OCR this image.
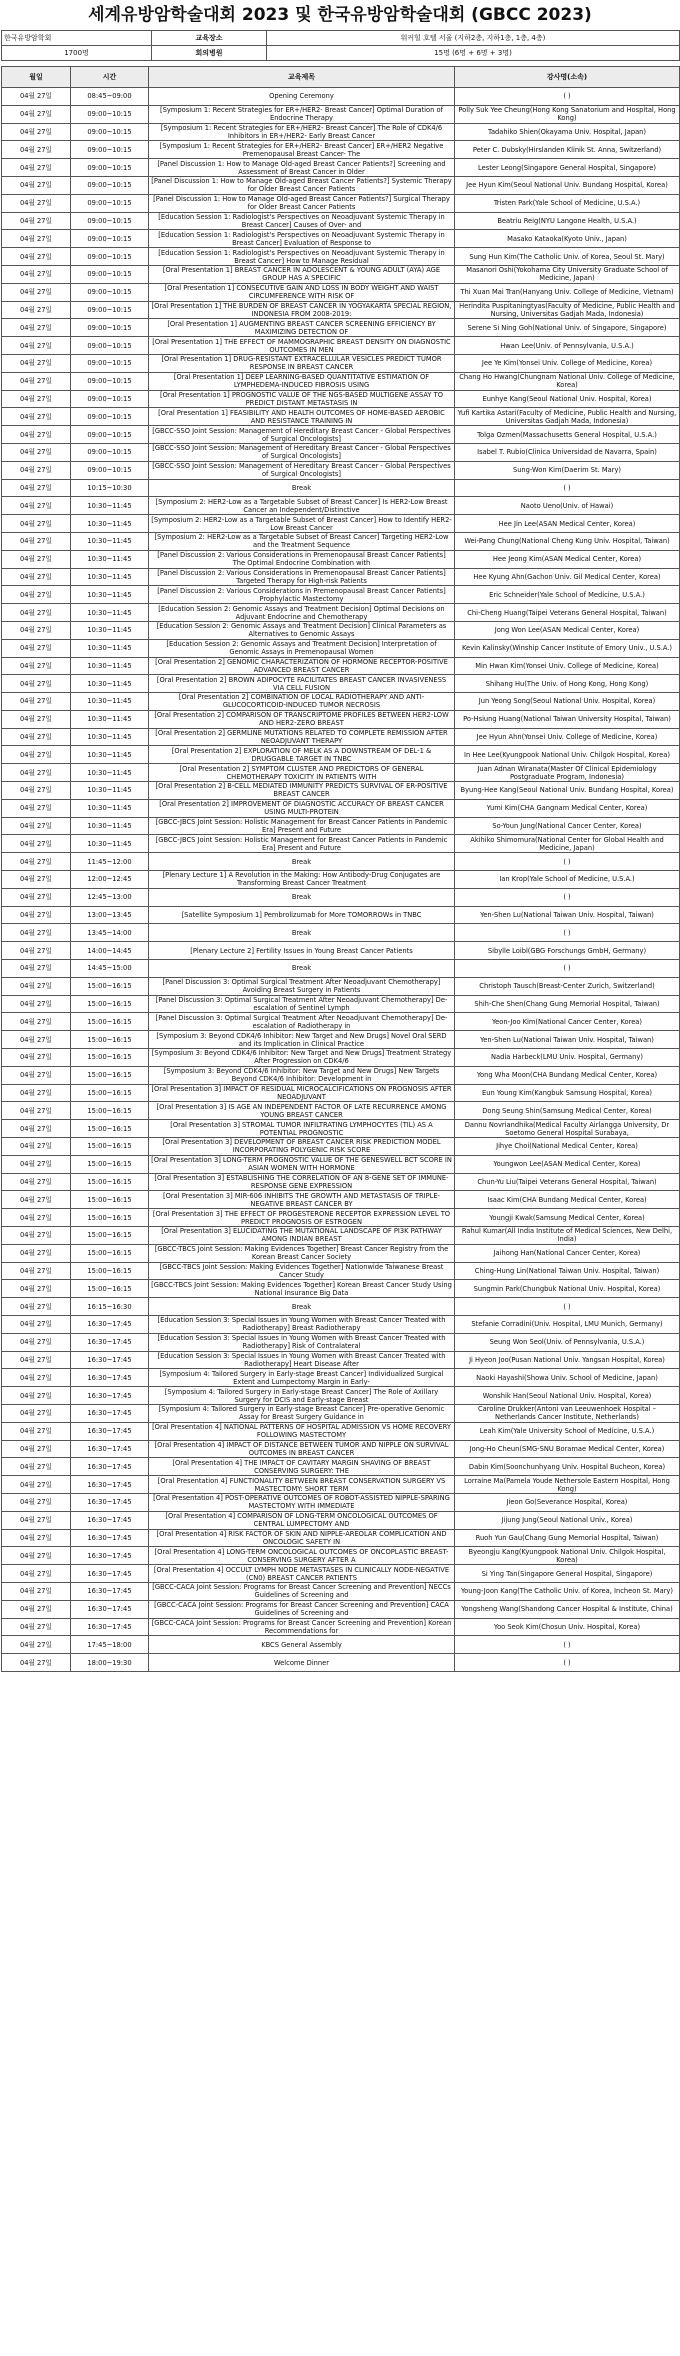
세계유방암학술대회 2023 및 한국유방암학술대회 (GBCC 2023)
한국유방암학회	교육장소	워커힐 호텔 서울 (지하2층, 지하1층, 1층, 4층)
1700명	회의병원	15명 (6명 + 6명 + 3명)
월일	시간	교육제목	강사명(소속)
04월 27일	08:45~09:00	Opening Ceremony	( )
04월 27일	09:00~10:15	[Symposium 1: Recent Strategies for ER+/HER2- Breast Cancer] Optimal Duration of Endocrine Therapy	Polly Suk Yee Cheung(Hong Kong Sanatorium and Hospital, Hong Kong)
04월 27일	09:00~10:15	[Symposium 1: Recent Strategies for ER+/HER2- Breast Cancer] The Role of CDK4/6 Inhibitors in ER+/HER2- Early Breast Cancer	Tadahiko Shien(Okayama Univ. Hospital, Japan)
04월 27일	09:00~10:15	[Symposium 1: Recent Strategies for ER+/HER2- Breast Cancer] ER+/HER2 Negative Premenopausal Breast Cancer- The	Peter C. Dubsky(Hirslanden Klinik St. Anna, Switzerland)
04월 27일	09:00~10:15	[Panel Discussion 1: How to Manage Old-aged Breast Cancer Patients?] Screening and Assessment of Breast Cancer in Older	Lester Leong(Singapore General Hospital, Singapore)
04월 27일	09:00~10:15	[Panel Discussion 1: How to Manage Old-aged Breast Cancer Patients?] Systemic Therapy for Older Breast Cancer Patients	Jee Hyun Kim(Seoul National Univ. Bundang Hospital, Korea)
04월 27일	09:00~10:15	[Panel Discussion 1: How to Manage Old-aged Breast Cancer Patients?] Surgical Therapy for Older Breast Cancer Patients	Tristen Park(Yale School of Medicine, U.S.A.)
04월 27일	09:00~10:15	[Education Session 1: Radiologist's Perspectives on Neoadjuvant Systemic Therapy in Breast Cancer] Causes of Over- and	Beatriu Reig(NYU Langone Health, U.S.A.)
04월 27일	09:00~10:15	[Education Session 1: Radiologist's Perspectives on Neoadjuvant Systemic Therapy in Breast Cancer] Evaluation of Response to	Masako Kataoka(Kyoto Univ., Japan)
04월 27일	09:00~10:15	[Education Session 1: Radiologist's Perspectives on Neoadjuvant Systemic Therapy in Breast Cancer] How to Manage Residual	Sung Hun Kim(The Catholic Univ. of Korea, Seoul St. Mary)
04월 27일	09:00~10:15	[Oral Presentation 1] BREAST CANCER IN ADOLESCENT & YOUNG ADULT (AYA) AGE GROUP HAS A SPECIFIC	Masanori Oshi(Yokohama City University Graduate School of Medicine, Japan)
04월 27일	09:00~10:15	[Oral Presentation 1] CONSECUTIVE GAIN AND LOSS IN BODY WEIGHT AND WAIST CIRCUMFERENCE WITH RISK OF	Thi Xuan Mai Tran(Hanyang Univ. College of Medicine, Vietnam)
04월 27일	09:00~10:15	[Oral Presentation 1] THE BURDEN OF BREAST CANCER IN YOGYAKARTA SPECIAL REGION, INDONESIA FROM 2008-2019:	Herindita Puspitaningtyas(Faculty of Medicine, Public Health and Nursing, Universitas Gadjah Mada, Indonesia)
04월 27일	09:00~10:15	[Oral Presentation 1] AUGMENTING BREAST CANCER SCREENING EFFICIENCY BY MAXIMIZING DETECTION OF	Serene Si Ning Goh(National Univ. of Singapore, Singapore)
04월 27일	09:00~10:15	[Oral Presentation 1] THE EFFECT OF MAMMOGRAPHIC BREAST DENSITY ON DIAGNOSTIC OUTCOMES IN MEN	Hwan Lee(Univ. of Pennsylvania, U.S.A.)
04월 27일	09:00~10:15	[Oral Presentation 1] DRUG-RESISTANT EXTRACELLULAR VESICLES PREDICT TUMOR RESPONSE IN BREAST CANCER	Jee Ye Kim(Yonsei Univ. College of Medicine, Korea)
04월 27일	09:00~10:15	[Oral Presentation 1] DEEP LEARNING-BASED QUANTITATIVE ESTIMATION OF LYMPHEDEMA-INDUCED FIBROSIS USING	Chang Ho Hwang(Chungnam National Univ. College of Medicine, Korea)
04월 27일	09:00~10:15	[Oral Presentation 1] PROGNOSTIC VALUE OF THE NGS-BASED MULTIGENE ASSAY TO PREDICT DISTANT METASTASIS IN	Eunhye Kang(Seoul National Univ. Hospital, Korea)
04월 27일	09:00~10:15	[Oral Presentation 1] FEASIBILITY AND HEALTH OUTCOMES OF HOME-BASED AEROBIC AND RESISTANCE TRAINING IN	Yufi Kartika Astari(Faculty of Medicine, Public Health and Nursing, Universitas Gadjah Mada, Indonesia)
04월 27일	09:00~10:15	[GBCC-SSO Joint Session: Management of Hereditary Breast Cancer - Global Perspectives of Surgical Oncologists]	Tolga Ozmen(Massachusetts General Hospital, U.S.A.)
04월 27일	09:00~10:15	[GBCC-SSO Joint Session: Management of Hereditary Breast Cancer - Global Perspectives of Surgical Oncologists]	Isabel T. Rubio(Clinica Universidad de Navarra, Spain)
04월 27일	09:00~10:15	[GBCC-SSO Joint Session: Management of Hereditary Breast Cancer - Global Perspectives of Surgical Oncologists]	Sung-Won Kim(Daerim St. Mary)
04월 27일	10:15~10:30	Break	( )
04월 27일	10:30~11:45	[Symposium 2: HER2-Low as a Targetable Subset of Breast Cancer] Is HER2-Low Breast Cancer an Independent/Distinctive	Naoto Ueno(Univ. of Hawai)
04월 27일	10:30~11:45	[Symposium 2: HER2-Low as a Targetable Subset of Breast Cancer] How to Identify HER2-Low Breast Cancer	Hee Jin Lee(ASAN Medical Center, Korea)
04월 27일	10:30~11:45	[Symposium 2: HER2-Low as a Targetable Subset of Breast Cancer] Targeting HER2-Low and the Treatment Sequence	Wei-Pang Chung(National Cheng Kung Univ. Hospital, Taiwan)
04월 27일	10:30~11:45	[Panel Discussion 2: Various Considerations in Premenopausal Breast Cancer Patients] The Optimal Endocrine Combination with	Hee Jeong Kim(ASAN Medical Center, Korea)
04월 27일	10:30~11:45	[Panel Discussion 2: Various Considerations in Premenopausal Breast Cancer Patients] Targeted Therapy for High-risk Patients	Hee Kyung Ahn(Gachon Univ. Gil Medical Center, Korea)
04월 27일	10:30~11:45	[Panel Discussion 2: Various Considerations in Premenopausal Breast Cancer Patients] Prophylactic Mastectomy	Eric Schneider(Yale School of Medicine, U.S.A.)
04월 27일	10:30~11:45	[Education Session 2: Genomic Assays and Treatment Decision] Optimal Decisions on Adjuvant Endocrine and Chemotherapy	Chi-Cheng Huang(Taipei Veterans General Hospital, Taiwan)
04월 27일	10:30~11:45	[Education Session 2: Genomic Assays and Treatment Decision] Clinical Parameters as Alternatives to Genomic Assays	Jong Won Lee(ASAN Medical Center, Korea)
04월 27일	10:30~11:45	[Education Session 2: Genomic Assays and Treatment Decision] Interpretation of Genomic Assays in Premenopausal Women	Kevin Kalinsky(Winship Cancer Institute of Emory Univ., U.S.A.)
04월 27일	10:30~11:45	[Oral Presentation 2] GENOMIC CHARACTERIZATION OF HORMONE RECEPTOR-POSITIVE ADVANCED BREAST CANCER	Min Hwan Kim(Yonsei Univ. College of Medicine, Korea)
04월 27일	10:30~11:45	[Oral Presentation 2] BROWN ADIPOCYTE FACILITATES BREAST CANCER INVASIVENESS VIA CELL FUSION	Shihang Hu(The Univ. of Hong Kong, Hong Kong)
04월 27일	10:30~11:45	[Oral Presentation 2] COMBINATION OF LOCAL RADIOTHERAPY AND ANTI-GLUCOCORTICOID-INDUCED TUMOR NECROSIS	Jun Yeong Song(Seoul National Univ. Hospital, Korea)
04월 27일	10:30~11:45	[Oral Presentation 2] COMPARISON OF TRANSCRIPTOME PROFILES BETWEEN HER2-LOW AND HER2-ZERO BREAST	Po-Hsiung Huang(National Taiwan University Hospital, Taiwan)
04월 27일	10:30~11:45	[Oral Presentation 2] GERMLINE MUTATIONS RELATED TO COMPLETE REMISSION AFTER NEOADJUVANT THERAPY	Jee Hyun Ahn(Yonsei Univ. College of Medicine, Korea)
04월 27일	10:30~11:45	[Oral Presentation 2] EXPLORATION OF MELK AS A DOWNSTREAM OF DEL-1 & DRUGGABLE TARGET IN TNBC	In Hee Lee(Kyungpook National Univ. Chilgok Hospital, Korea)
04월 27일	10:30~11:45	[Oral Presentation 2] SYMPTOM CLUSTER AND PREDICTORS OF GENERAL CHEMOTHERAPY TOXICITY IN PATIENTS WITH	Juan Adnan Wiranata(Master Of Clinical Epidemiology Postgraduate Program, Indonesia)
04월 27일	10:30~11:45	[Oral Presentation 2] B-CELL MEDIATED IMMUNITY PREDICTS SURVIVAL OF ER-POSITIVE BREAST CANCER	Byung-Hee Kang(Seoul National Univ. Bundang Hospital, Korea)
04월 27일	10:30~11:45	[Oral Presentation 2] IMPROVEMENT OF DIAGNOSTIC ACCURACY OF BREAST CANCER USING MULTI-PROTEIN	Yumi Kim(CHA Gangnam Medical Center, Korea)
04월 27일	10:30~11:45	[GBCC-JBCS Joint Session: Holistic Management for Breast Cancer Patients in Pandemic Era] Present and Future	So-Youn Jung(National Cancer Center, Korea)
04월 27일	10:30~11:45	[GBCC-JBCS Joint Session: Holistic Management for Breast Cancer Patients in Pandemic Era] Present and Future	Akihiko Shimomura(National Center for Global Health and Medicine, Japan)
04월 27일	11:45~12:00	Break	( )
04월 27일	12:00~12:45	[Plenary Lecture 1] A Revolution in the Making: How Antibody-Drug Conjugates are Transforming Breast Cancer Treatment	Ian Krop(Yale School of Medicine, U.S.A.)
04월 27일	12:45~13:00	Break	( )
04월 27일	13:00~13:45	[Satellite Symposium 1] Pembrolizumab for More TOMORROWs in TNBC	Yen-Shen Lu(National Taiwan Univ. Hospital, Taiwan)
04월 27일	13:45~14:00	Break	( )
04월 27일	14:00~14:45	[Plenary Lecture 2] Fertility Issues in Young Breast Cancer Patients	Sibylle Loibl(GBG Forschungs GmbH, Germany)
04월 27일	14:45~15:00	Break	( )
04월 27일	15:00~16:15	[Panel Discussion 3: Optimal Surgical Treatment After Neoadjuvant Chemotherapy] Avoiding Breast Surgery in Patients	Christoph Tausch(Breast-Center Zurich, Switzerland)
04월 27일	15:00~16:15	[Panel Discussion 3: Optimal Surgical Treatment After Neoadjuvant Chemotherapy] De-escalation of Sentinel Lymph	Shih-Che Shen(Chang Gung Memorial Hospital, Taiwan)
04월 27일	15:00~16:15	[Panel Discussion 3: Optimal Surgical Treatment After Neoadjuvant Chemotherapy] De-escalation of Radiotherapy in	Yeon-Joo Kim(National Cancer Center, Korea)
04월 27일	15:00~16:15	[Symposium 3: Beyond CDK4/6 Inhibitor: New Target and New Drugs] Novel Oral SERD and its Implication in Clinical Practice	Yen-Shen Lu(National Taiwan Univ. Hospital, Taiwan)
04월 27일	15:00~16:15	[Symposium 3: Beyond CDK4/6 Inhibitor: New Target and New Drugs] Treatment Strategy After Progression on CDK4/6	Nadia Harbeck(LMU Univ. Hospital, Germany)
04월 27일	15:00~16:15	[Symposium 3: Beyond CDK4/6 Inhibitor: New Target and New Drugs] New Targets Beyond CDK4/6 Inhibitor: Development in	Yong Wha Moon(CHA Bundang Medical Center, Korea)
04월 27일	15:00~16:15	[Oral Presentation 3] IMPACT OF RESIDUAL MICROCALCIFICATIONS ON PROGNOSIS AFTER NEOADJUVANT	Eun Young Kim(Kangbuk Samsung Hospital, Korea)
04월 27일	15:00~16:15	[Oral Presentation 3] IS AGE AN INDEPENDENT FACTOR OF LATE RECURRENCE AMONG YOUNG BREAST CANCER	Dong Seung Shin(Samsung Medical Center, Korea)
04월 27일	15:00~16:15	[Oral Presentation 3] STROMAL TUMOR INFILTRATING LYMPHOCYTES (TIL) AS A POTENTIAL PROGNOSTIC	Dannu Novriandhika(Medical Faculty Airlangga University, Dr Soetomo General Hospital Surabaya,
04월 27일	15:00~16:15	[Oral Presentation 3] DEVELOPMENT OF BREAST CANCER RISK PREDICTION MODEL INCORPORATING POLYGENIC RISK SCORE	Jihye Choi(National Medical Center, Korea)
04월 27일	15:00~16:15	[Oral Presentation 3] LONG-TERM PROGNOSTIC VALUE OF THE GENESWELL BCT SCORE IN ASIAN WOMEN WITH HORMONE	Youngwon Lee(ASAN Medical Center, Korea)
04월 27일	15:00~16:15	[Oral Presentation 3] ESTABLISHING THE CORRELATION OF AN 8-GENE SET OF IMMUNE-RESPONSE GENE EXPRESSION	Chun-Yu Liu(Taipei Veterans General Hospital, Taiwan)
04월 27일	15:00~16:15	[Oral Presentation 3] MIR-606 INHIBITS THE GROWTH AND METASTASIS OF TRIPLE-NEGATIVE BREAST CANCER BY	Isaac Kim(CHA Bundang Medical Center, Korea)
04월 27일	15:00~16:15	[Oral Presentation 3] THE EFFECT OF PROGESTERONE RECEPTOR EXPRESSION LEVEL TO PREDICT PROGNOSIS OF ESTROGEN	Youngji Kwak(Samsung Medical Center, Korea)
04월 27일	15:00~16:15	[Oral Presentation 3] ELUCIDATING THE MUTATIONAL LANDSCAPE OF PI3K PATHWAY AMONG INDIAN BREAST	Rahul Kumar(All India Institute of Medical Sciences, New Delhi, India)
04월 27일	15:00~16:15	[GBCC-TBCS Joint Session: Making Evidences Together] Breast Cancer Registry from the Korean Breast Cancer Society	Jaihong Han(National Cancer Center, Korea)
04월 27일	15:00~16:15	[GBCC-TBCS Joint Session: Making Evidences Together] Nationwide Taiwanese Breast Cancer Study	Ching-Hung Lin(National Taiwan Univ. Hospital, Taiwan)
04월 27일	15:00~16:15	[GBCC-TBCS Joint Session: Making Evidences Together] Korean Breast Cancer Study Using National Insurance Big Data	Sungmin Park(Chungbuk National Univ. Hospital, Korea)
04월 27일	16:15~16:30	Break	( )
04월 27일	16:30~17:45	[Education Session 3: Special Issues in Young Women with Breast Cancer Treated with Radiotherapy] Breast Radiotherapy	Stefanie Corradini(Univ. Hospital, LMU Munich, Germany)
04월 27일	16:30~17:45	[Education Session 3: Special Issues in Young Women with Breast Cancer Treated with Radiotherapy] Risk of Contralateral	Seung Won Seol(Univ. of Pennsylvania, U.S.A.)
04월 27일	16:30~17:45	[Education Session 3: Special Issues in Young Women with Breast Cancer Treated with Radiotherapy] Heart Disease After	Ji Hyeon Joo(Pusan National Univ. Yangsan Hospital, Korea)
04월 27일	16:30~17:45	[Symposium 4: Tailored Surgery in Early-stage Breast Cancer] Individualized Surgical Extent and Lumpectomy Margin in Early-	Naoki Hayashi(Showa Univ. School of Medicine, Japan)
04월 27일	16:30~17:45	[Symposium 4: Tailored Surgery in Early-stage Breast Cancer] The Role of Axillary Surgery for DCIS and Early-stage Breast	Wonshik Han(Seoul National Univ. Hospital, Korea)
04월 27일	16:30~17:45	[Symposium 4: Tailored Surgery in Early-stage Breast Cancer] Pre-operative Genomic Assay for Breast Surgery Guidance in	Caroline Drukker(Antoni van Leeuwenhoek Hospital – Netherlands Cancer Institute, Netherlands)
04월 27일	16:30~17:45	[Oral Presentation 4] NATIONAL PATTERNS OF HOSPITAL ADMISSION VS HOME RECOVERY FOLLOWING MASTECTOMY	Leah Kim(Yale University School of Medicine, U.S.A.)
04월 27일	16:30~17:45	[Oral Presentation 4] IMPACT OF DISTANCE BETWEEN TUMOR AND NIPPLE ON SURVIVAL OUTCOMES IN BREAST CANCER	Jong-Ho Cheun(SMG-SNU Boramae Medical Center, Korea)
04월 27일	16:30~17:45	[Oral Presentation 4] THE IMPACT OF CAVITARY MARGIN SHAVING OF BREAST CONSERVING SURGERY: THE	Dabin Kim(Soonchunhyang Univ. Hospital Bucheon, Korea)
04월 27일	16:30~17:45	[Oral Presentation 4] FUNCTIONALITY BETWEEN BREAST CONSERVATION SURGERY VS MASTECTOMY: SHORT TERM	Lorraine Ma(Pamela Youde Nethersole Eastern Hospital, Hong Kong)
04월 27일	16:30~17:45	[Oral Presentation 4] POST-OPERATIVE OUTCOMES OF ROBOT-ASSISTED NIPPLE-SPARING MASTECTOMY WITH IMMEDIATE	Jieon Go(Severance Hospital, Korea)
04월 27일	16:30~17:45	[Oral Presentation 4] COMPARISON OF LONG-TERM ONCOLOGICAL OUTCOMES OF CENTRAL LUMPECTOMY AND	Jijung Jung(Seoul National Univ., Korea)
04월 27일	16:30~17:45	[Oral Presentation 4] RISK FACTOR OF SKIN AND NIPPLE-AREOLAR COMPLICATION AND ONCOLOGIC SAFETY IN	Ruoh Yun Gau(Chang Gung Memorial Hospital, Taiwan)
04월 27일	16:30~17:45	[Oral Presentation 4] LONG-TERM ONCOLOGICAL OUTCOMES OF ONCOPLASTIC BREAST-CONSERVING SURGERY AFTER A	Byeongju Kang(Kyungpook National Univ. Chilgok Hospital, Korea)
04월 27일	16:30~17:45	[Oral Presentation 4] OCCULT LYMPH NODE METASTASES IN CLINICALLY NODE-NEGATIVE (CN0) BREAST CANCER PATIENTS	Si Ying Tan(Singapore General Hospital, Singapore)
04월 27일	16:30~17:45	[GBCC-CACA Joint Session: Programs for Breast Cancer Screening and Prevention] NECCs Guidelines of Screening and	Young-Joon Kang(The Catholic Univ. of Korea, Incheon St. Mary)
04월 27일	16:30~17:45	[GBCC-CACA Joint Session: Programs for Breast Cancer Screening and Prevention] CACA Guidelines of Screening and	Yongsheng Wang(Shandong Cancer Hospital & Institute, China)
04월 27일	16:30~17:45	[GBCC-CACA Joint Session: Programs for Breast Cancer Screening and Prevention] Korean Recommendations for	Yoo Seok Kim(Chosun Univ. Hospital, Korea)
04월 27일	17:45~18:00	KBCS General Assembly	( )
04월 27일	18:00~19:30	Welcome Dinner	( )
